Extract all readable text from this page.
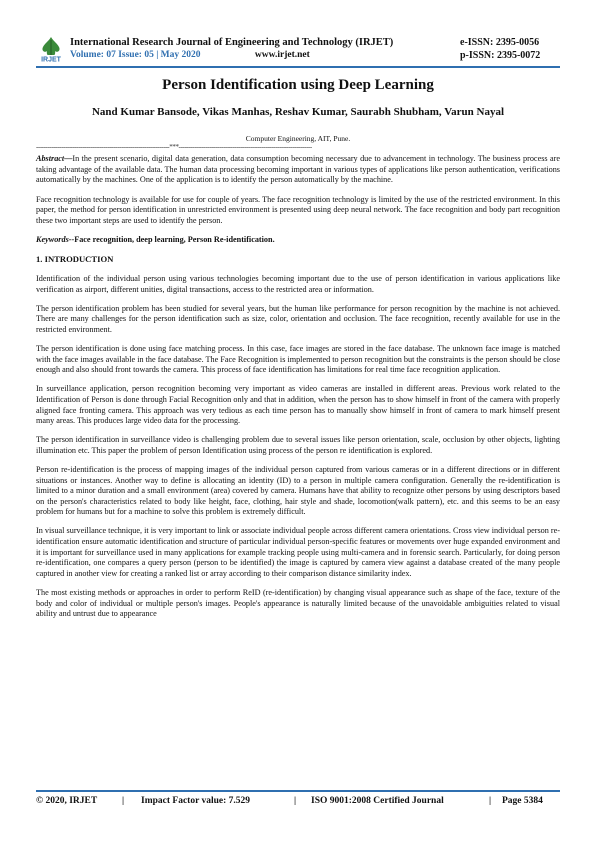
IRJET
International Research Journal of Engineering and Technology (IRJET)
Volume: 07 Issue: 05 | May 2020	www.irjet.net
e-ISSN: 2395-0056
p-ISSN: 2395-0072
Person Identification using Deep Learning
Nand Kumar Bansode, Vikas Manhas, Reshav Kumar, Saurabh Shubham, Varun Nayal
Computer Engineering, AIT, Pune.
---------------------------------------------------------------------***---------------------------------------------------------------------

Abstract—In the present scenario, digital data generation, data consumption becoming necessary due to advancement in technology. The business process are taking advantage of the available data. The human data processing becoming important in various types of applications like person authentication, verifications automatically by the machines. One of the application is to identify the person automatically by the machine.

Face recognition technology is available for use for couple of years. The face recognition technology is limited by the use of the restricted environment. In this paper, the method for person identification in unrestricted environment is presented using deep neural network. The face recognition and body part recognition these two important steps are used to identify the person.

Keywords--Face recognition, deep learning, Person Re-identification.

1. INTRODUCTION

Identification of the individual person using various technologies becoming important due to the use of person identification in various applications like verification as airport, different unities, digital transactions, access to the restricted area or information.

The person identification problem has been studied for several years, but the human like performance for person recognition by the machine is not achieved. There are many challenges for the person identification such as size, color, orientation and occlusion. The face recognition, recently available for use in the restricted environment.

The person identification is done using face matching process. In this case, face images are stored in the face database. The unknown face image is matched with the face images available in the face database. The Face Recognition is implemented to person recognition but the constraints is the person should be close enough and also should front towards the camera. This process of face identification has limitations for real time face recognition application.

In surveillance application, person recognition becoming very important as video cameras are installed in different areas. Previous work related to the Identification of Person is done through Facial Recognition only and that in addition, when the person has to show himself in front of the camera with properly aligned face fronting camera. This approach was very tedious as each time person has to manually show himself in front of camera to mark himself present many areas. This produces large video data for the processing.

The person identification in surveillance video is challenging problem due to several issues like person orientation, scale, occlusion by other objects, lighting illumination etc. This paper the problem of person Identification using process of the person re identification is explored.

Person re-identification is the process of mapping images of the individual person captured from various cameras or in a different directions or in different situations or instances. Another way to define is allocating an identity (ID) to a person in multiple camera configuration. Generally the re-identification is limited to a minor duration and a small environment (area) covered by camera. Humans have that ability to recognize other persons by using descriptors based on the person's characteristics related to body like height, face, clothing, hair style and shade, locomotion(walk pattern), etc. and this seems to be an easy problem for humans but for a machine to solve this problem is extremely difficult.

In visual surveillance technique, it is very important to link or associate individual people across different camera orientations. Cross view individual person re-identification ensure automatic identification and structure of particular individual person-specific features or movements over huge expanded environment and it is important for surveillance used in many applications for example tracking people using multi-camera and in forensic search. Particularly, for doing person re-identification, one compares a query person (person to be identified) the image is captured by camera view against a database created of the many people captured in another view for creating a ranked list or array according to their comparison distance similarity index.

The most existing methods or approaches in order to perform ReID (re-identification) by changing visual appearance such as shape of the face, texture of the body and color of individual or multiple person's images. People's appearance is naturally limited because of the unavoidable ambiguities related to visual ability and untrust due to appearance

© 2020, IRJET	| Impact Factor value: 7.529	| ISO 9001:2008 Certified Journal	| Page 5384
